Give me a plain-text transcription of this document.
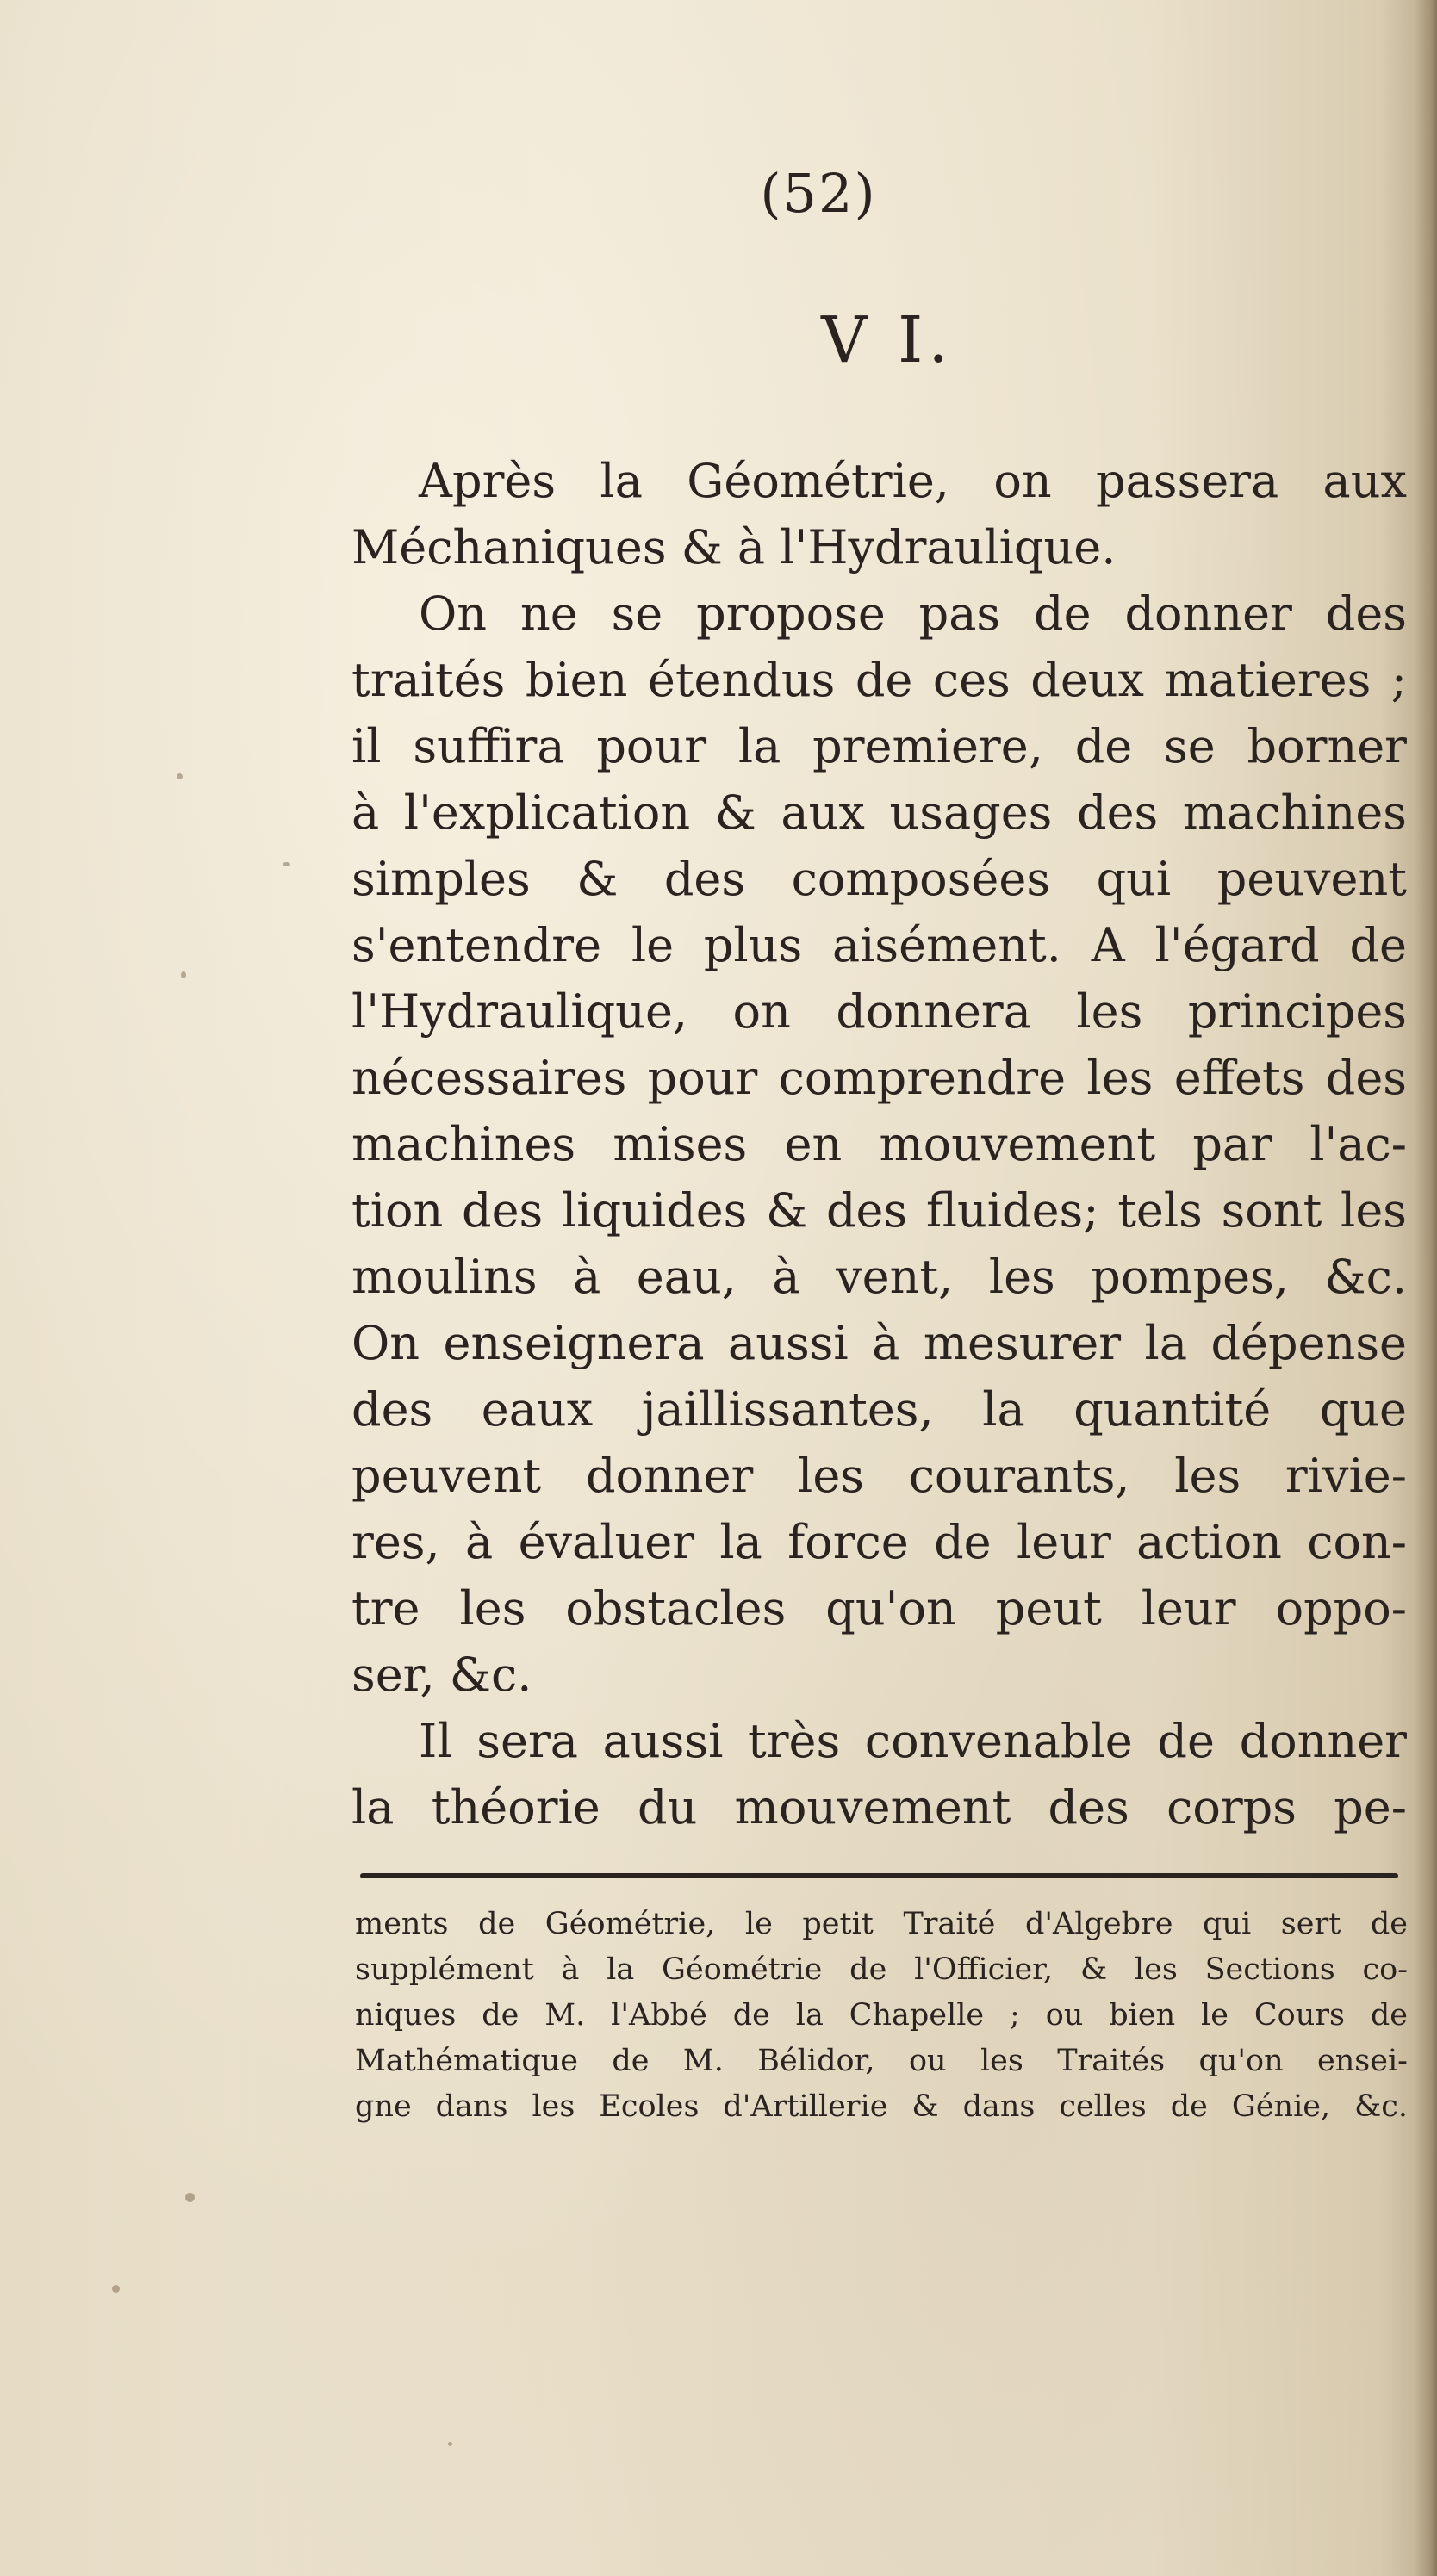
(52)
V I.
Après la Géométrie, on passera aux
Méchaniques & à l'Hydraulique.
On ne se propose pas de donner des
traités bien étendus de ces deux matieres ;
il suffira pour la premiere, de se borner
à l'explication & aux usages des machines
simples & des composées qui peuvent
s'entendre le plus aisément. A l'égard de
l'Hydraulique, on donnera les principes
nécessaires pour comprendre les effets des
machines mises en mouvement par l'ac-
tion des liquides & des fluides; tels sont les
moulins à eau, à vent, les pompes, &c.
On enseignera aussi à mesurer la dépense
des eaux jaillissantes, la quantité que
peuvent donner les courants, les rivie-
res, à évaluer la force de leur action con-
tre les obstacles qu'on peut leur oppo-
ser, &c.
Il sera aussi très convenable de donner
la théorie du mouvement des corps pe-
ments de Géométrie, le petit Traité d'Algebre qui sert de
supplément à la Géométrie de l'Officier, & les Sections co-
niques de M. l'Abbé de la Chapelle ; ou bien le Cours de
Mathématique de M. Bélidor, ou les Traités qu'on ensei-
gne dans les Ecoles d'Artillerie & dans celles de Génie, &c.
